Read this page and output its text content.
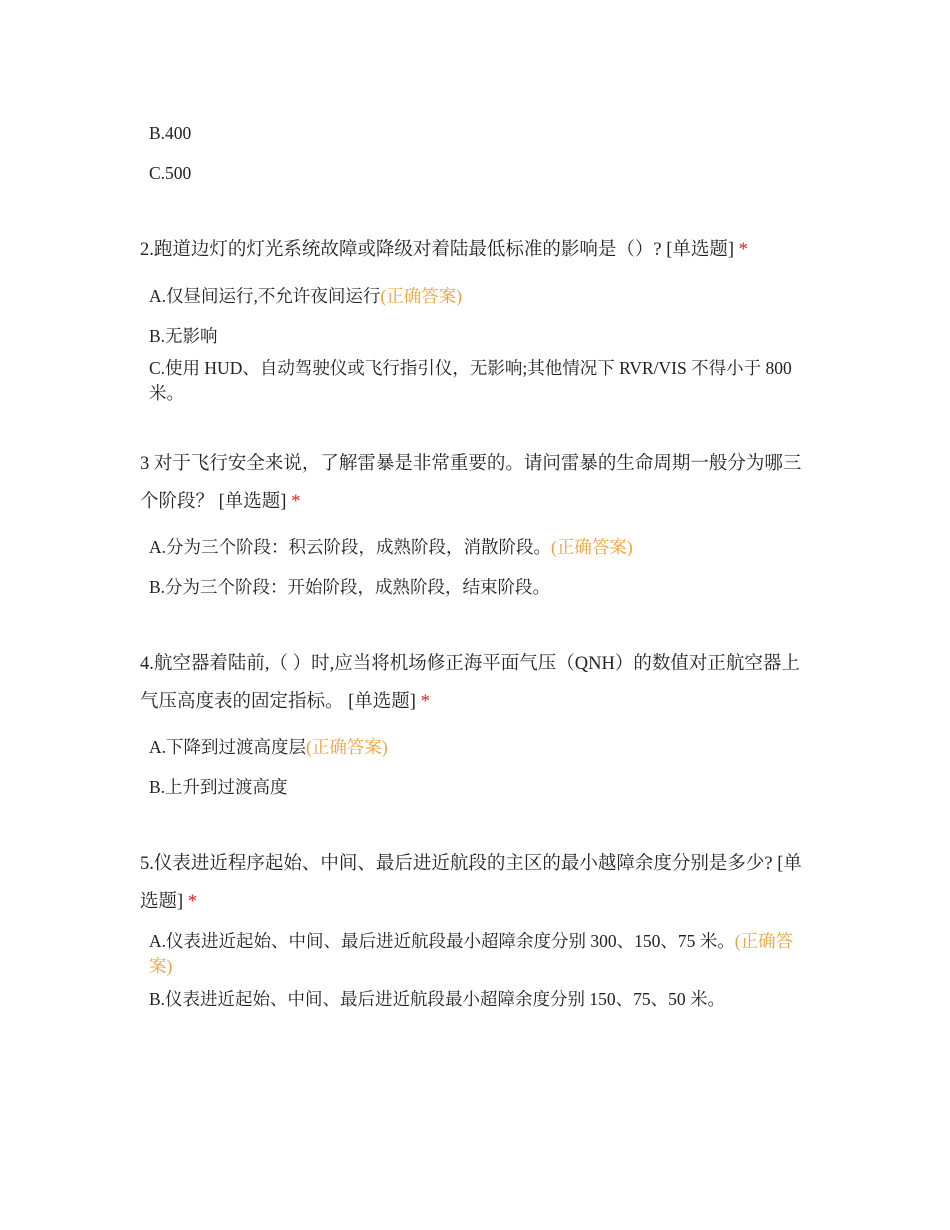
B.400
C.500
2.跑道边灯的灯光系统故障或降级对着陆最低标准的影响是（）? [单选题] *
A.仅昼间运行,不允许夜间运行(正确答案)
B.无影响
C.使用 HUD、自动驾驶仪或飞行指引仪，无影响;其他情况下 RVR/VIS 不得小于 800 米。
3 对于飞行安全来说，了解雷暴是非常重要的。请问雷暴的生命周期一般分为哪三个阶段？ [单选题] *
A.分为三个阶段：积云阶段，成熟阶段，消散阶段。(正确答案)
B.分为三个阶段：开始阶段，成熟阶段，结束阶段。
4.航空器着陆前,（ ）时,应当将机场修正海平面气压（QNH）的数值对正航空器上气压高度表的固定指标。 [单选题] *
A.下降到过渡高度层(正确答案)
B.上升到过渡高度
5.仪表进近程序起始、中间、最后进近航段的主区的最小越障余度分别是多少? [单选题] *
A.仪表进近起始、中间、最后进近航段最小超障余度分别 300、150、75 米。(正确答案)
B.仪表进近起始、中间、最后进近航段最小超障余度分别 150、75、50 米。
